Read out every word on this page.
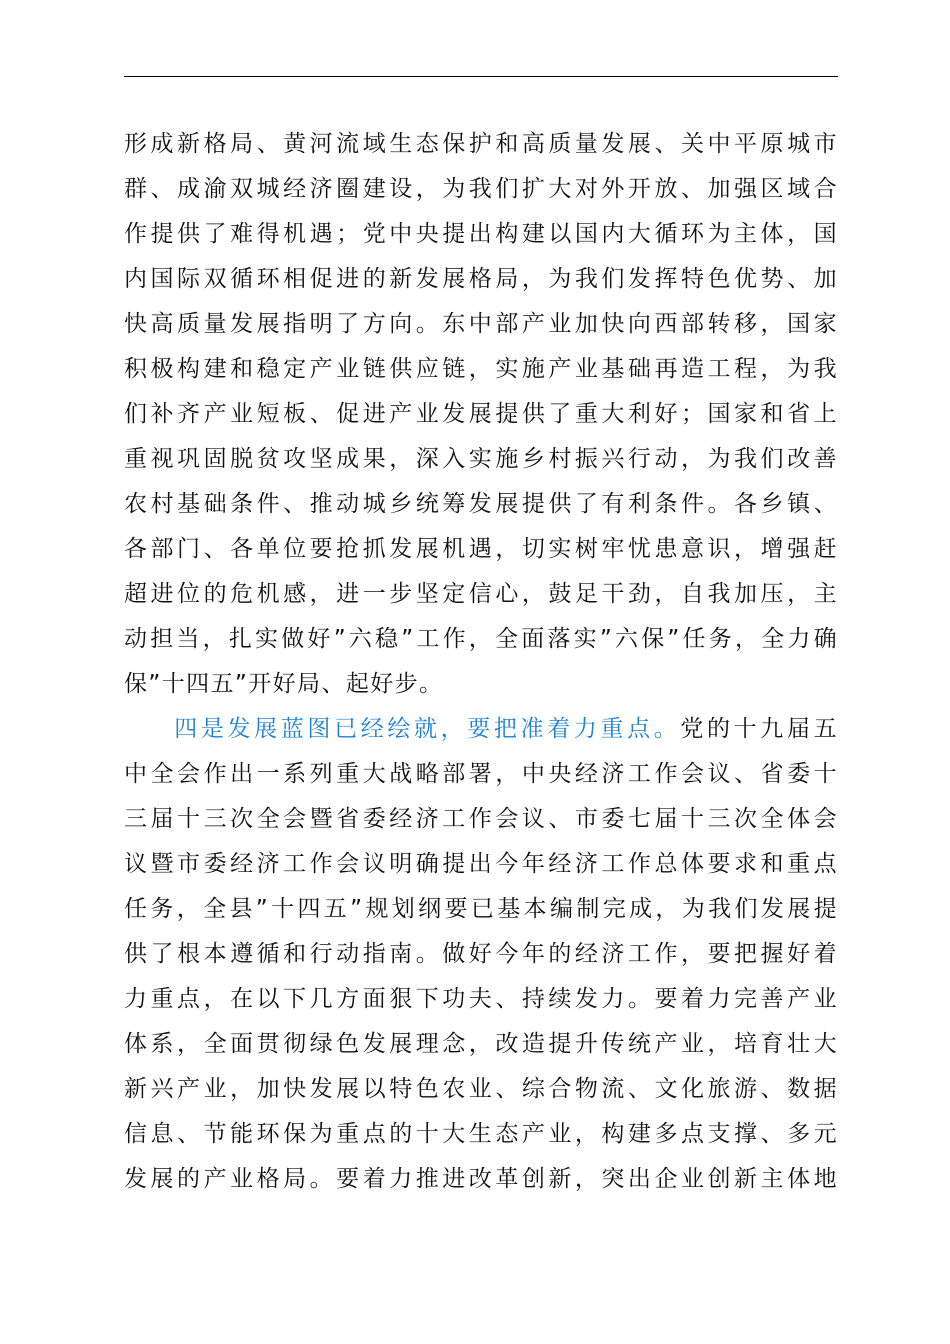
形成新格局、黄河流域生态保护和高质量发展、关中平原城市
群、成渝双城经济圈建设，为我们扩大对外开放、加强区域合
作提供了难得机遇；党中央提出构建以国内大循环为主体，国
内国际双循环相促进的新发展格局，为我们发挥特色优势、加
快高质量发展指明了方向。东中部产业加快向西部转移，国家
积极构建和稳定产业链供应链，实施产业基础再造工程，为我
们补齐产业短板、促进产业发展提供了重大利好；国家和省上
重视巩固脱贫攻坚成果，深入实施乡村振兴行动，为我们改善
农村基础条件、推动城乡统筹发展提供了有利条件。各乡镇、
各部门、各单位要抢抓发展机遇，切实树牢忧患意识，增强赶
超进位的危机感，进一步坚定信心，鼓足干劲，自我加压，主
动担当，扎实做好”六稳”工作，全面落实”六保”任务，全力确
保”十四五”开好局、起好步。
四是发展蓝图已经绘就，要把准着力重点。党的十九届五
中全会作出一系列重大战略部署，中央经济工作会议、省委十
三届十三次全会暨省委经济工作会议、市委七届十三次全体会
议暨市委经济工作会议明确提出今年经济工作总体要求和重点
任务，全县”十四五”规划纲要已基本编制完成，为我们发展提
供了根本遵循和行动指南。做好今年的经济工作，要把握好着
力重点，在以下几方面狠下功夫、持续发力。要着力完善产业
体系，全面贯彻绿色发展理念，改造提升传统产业，培育壮大
新兴产业，加快发展以特色农业、综合物流、文化旅游、数据
信息、节能环保为重点的十大生态产业，构建多点支撑、多元
发展的产业格局。要着力推进改革创新，突出企业创新主体地
